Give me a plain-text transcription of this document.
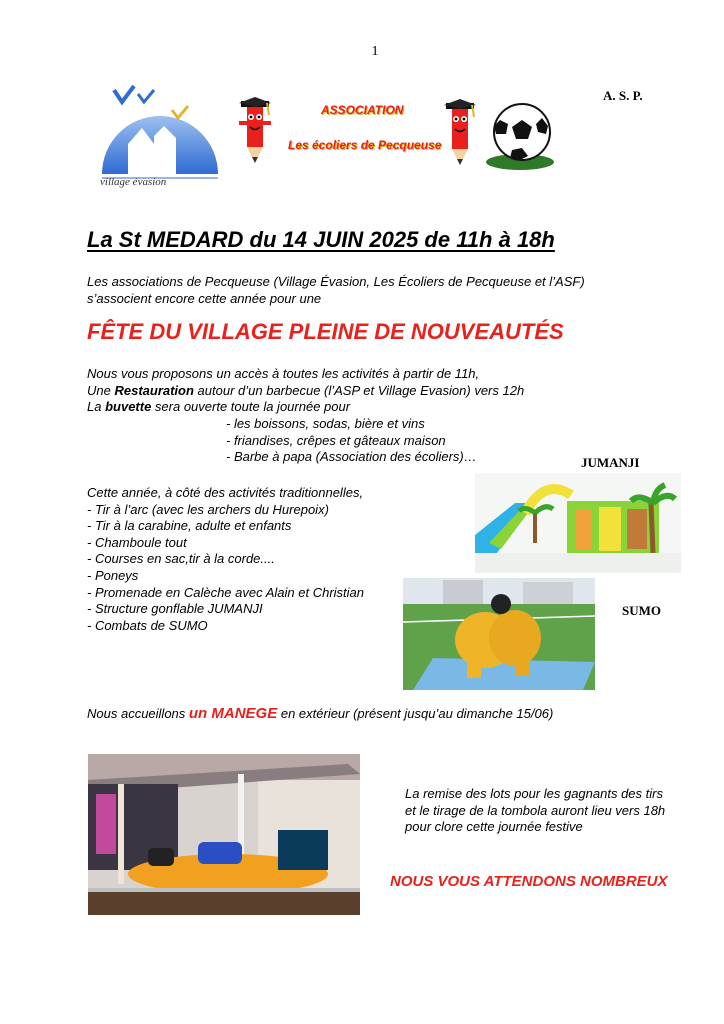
1
village évasion
ASSOCIATION
Les écoliers de Pecqueuse
A. S. P.
La St MEDARD du 14 JUIN 2025 de 11h à 18h
Les associations de Pecqueuse (Village Évasion, Les Écoliers de Pecqueuse et l’ASF)
s’associent encore cette année pour une
FÊTE DU VILLAGE PLEINE DE NOUVEAUTÉS
Nous vous proposons un accès à toutes les activités à partir de 11h,
Une Restauration autour d’un barbecue (l’ASP et Village Evasion) vers 12h
La buvette sera ouverte toute la journée pour
- les boissons, sodas, bière et vins
- friandises, crêpes et gâteaux maison
- Barbe à papa (Association des écoliers)…	JUMANJI
Cette année, à côté des activités traditionnelles,
- Tir à l’arc (avec les archers du Hurepoix)
- Tir à la carabine, adulte et enfants
- Chamboule tout
- Courses en sac,tir à la corde....
- Poneys
- Promenade en Calèche avec Alain et Christian
- Structure gonflable JUMANJI
- Combats de SUMO
SUMO
Nous accueillons un MANEGE en extérieur (présent jusqu’au dimanche 15/06)
La remise des lots pour les gagnants des tirs
et le tirage de la tombola auront lieu vers 18h
pour clore cette journée festive
NOUS VOUS ATTENDONS NOMBREUX
